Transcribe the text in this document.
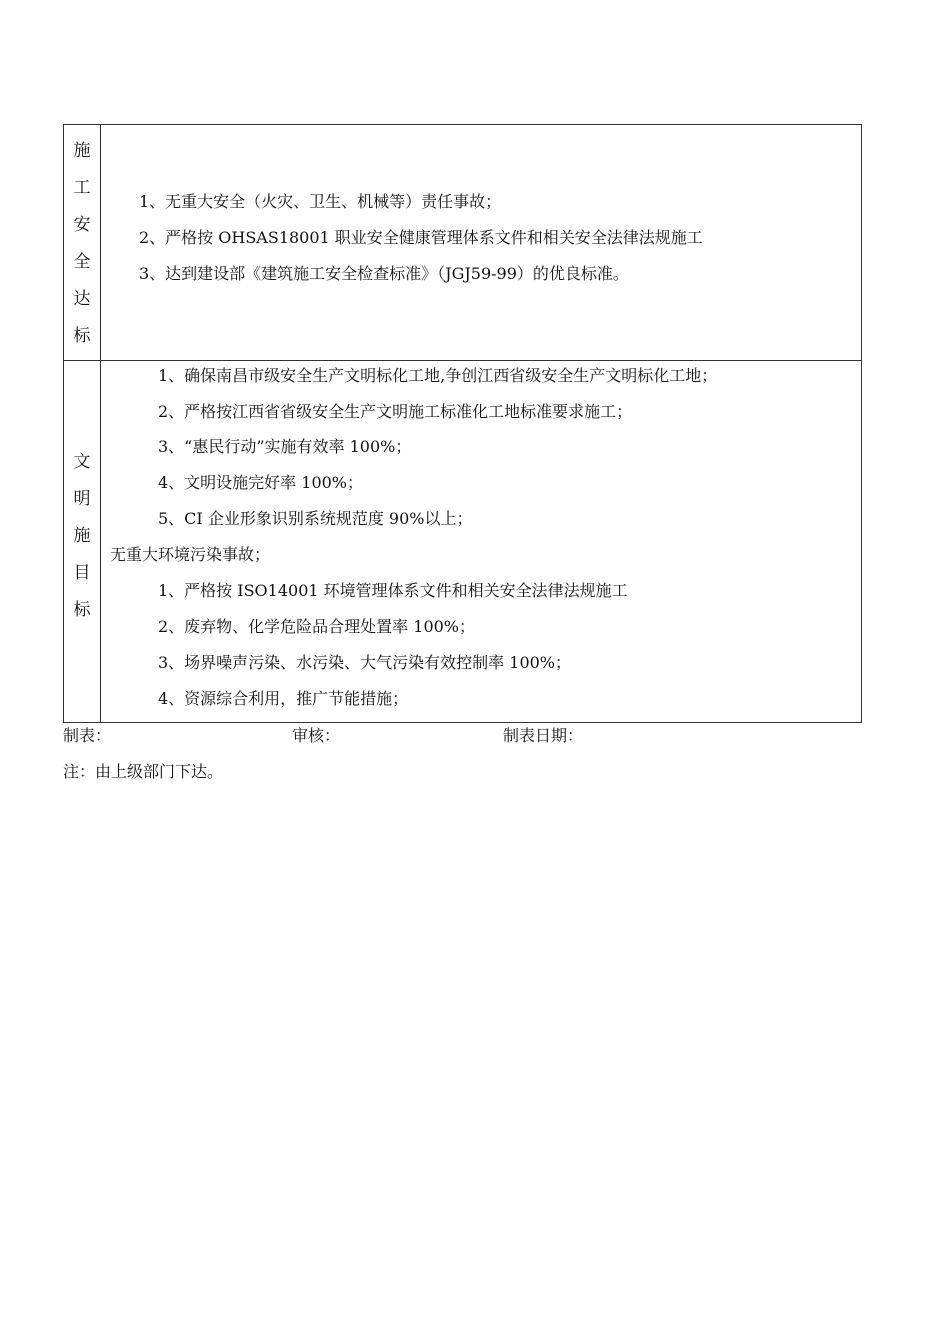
施
工
安
全
达
标
1、无重大安全（火灾、卫生、机械等）责任事故；
2、严格按 OHSAS18001 职业安全健康管理体系文件和相关安全法律法规施工
3、达到建设部《建筑施工安全检查标准》（JGJ59-99）的优良标准。
文
明
施
目
标
1、确保南昌市级安全生产文明标化工地,争创江西省级安全生产文明标化工地；
2、严格按江西省省级安全生产文明施工标准化工地标准要求施工；
3、“惠民行动”实施有效率 100%；
4、文明设施完好率 100%；
5、CI 企业形象识别系统规范度 90%以上；
无重大环境污染事故；
1、严格按 ISO14001 环境管理体系文件和相关安全法律法规施工
2、废弃物、化学危险品合理处置率 100%；
3、场界噪声污染、水污染、大气污染有效控制率 100%；
4、资源综合利用，推广节能措施；
制表：	审核：	制表日期：
注：由上级部门下达。
